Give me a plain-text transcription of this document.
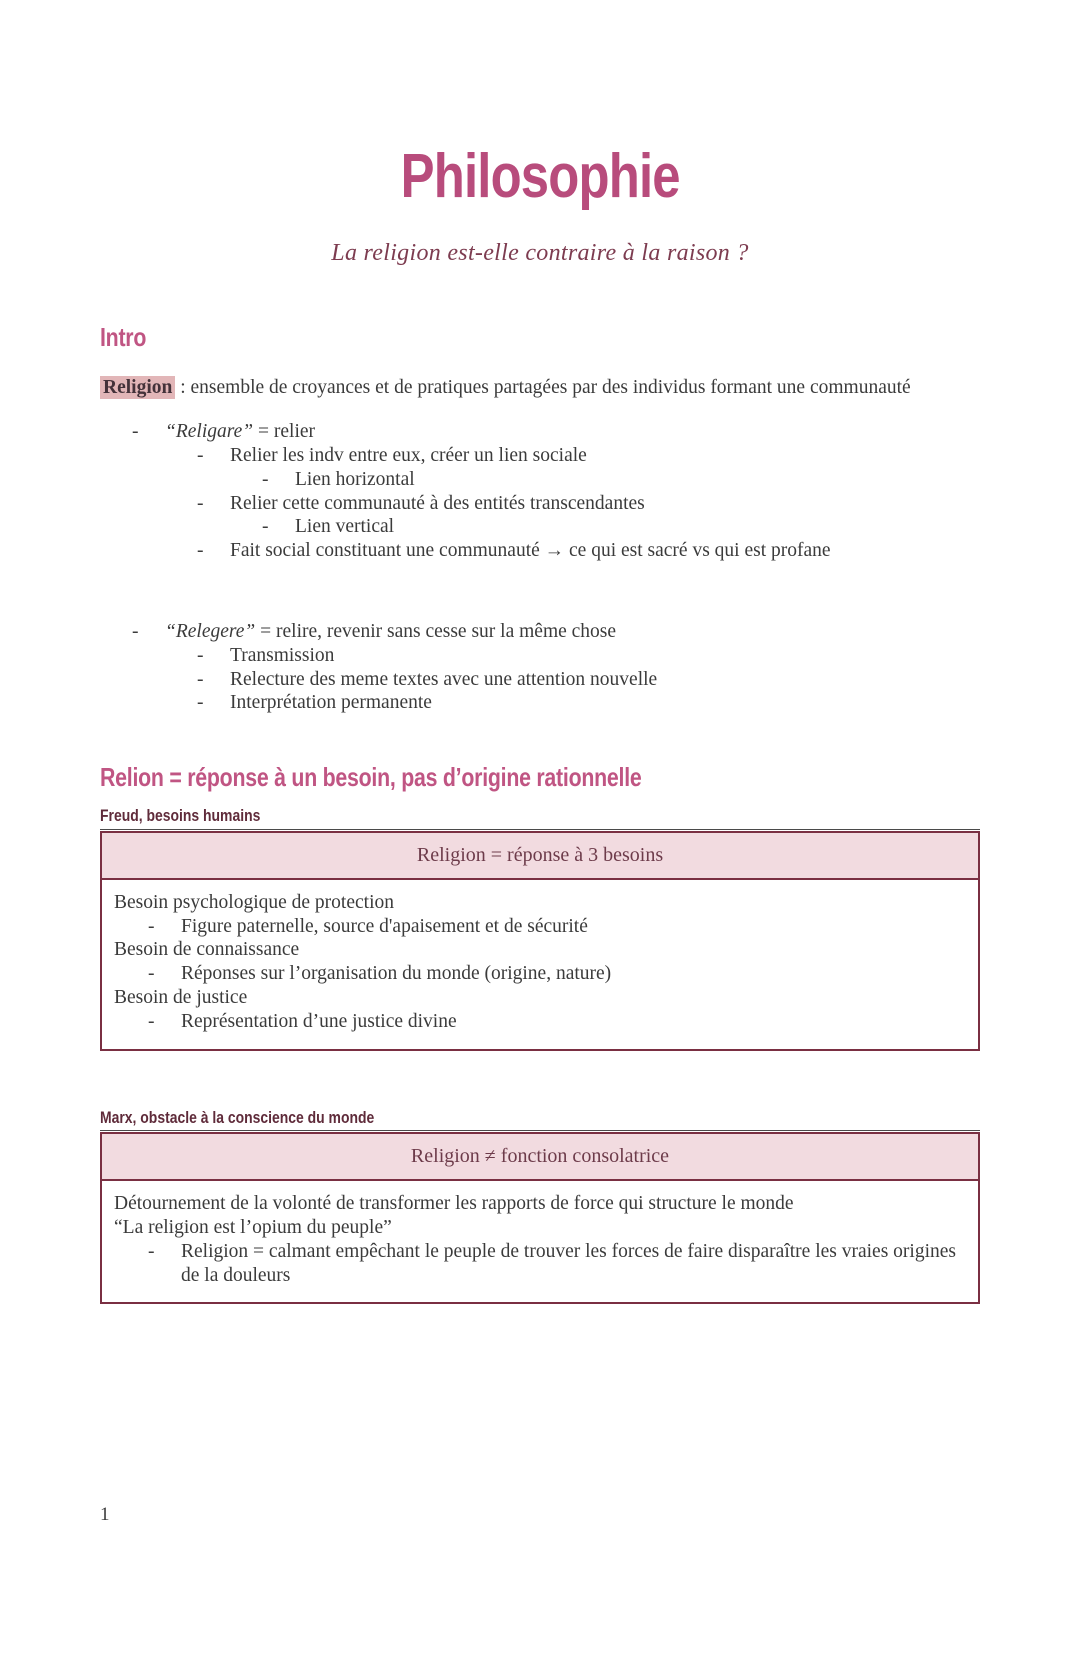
Philosophie
La religion est-elle contraire à la raison ?
Intro
Religion : ensemble de croyances et de pratiques partagées par des individus formant une communauté
-	“Religare” = relier
-	Relier les indv entre eux, créer un lien sociale
-	Lien horizontal
-	Relier cette communauté à des entités transcendantes
-	Lien vertical
-	Fait social constituant une communauté → ce qui est sacré vs qui est profane
-	“Relegere” = relire, revenir sans cesse sur la même chose
-	Transmission
-	Relecture des meme textes avec une attention nouvelle
-	Interprétation permanente
Relion = réponse à un besoin, pas d’origine rationnelle
Freud, besoins humains
Religion = réponse à 3 besoins
Besoin psychologique de protection
-	Figure paternelle, source d'apaisement et de sécurité
Besoin de connaissance
-	Réponses sur l’organisation du monde (origine, nature)
Besoin de justice
-	Représentation d’une justice divine
Marx, obstacle à la conscience du monde
Religion ≠ fonction consolatrice
Détournement de la volonté de transformer les rapports de force qui structure le monde
“La religion est l’opium du peuple”
-	Religion = calmant empêchant le peuple de trouver les forces de faire disparaître les vraies origines de la douleurs
1
